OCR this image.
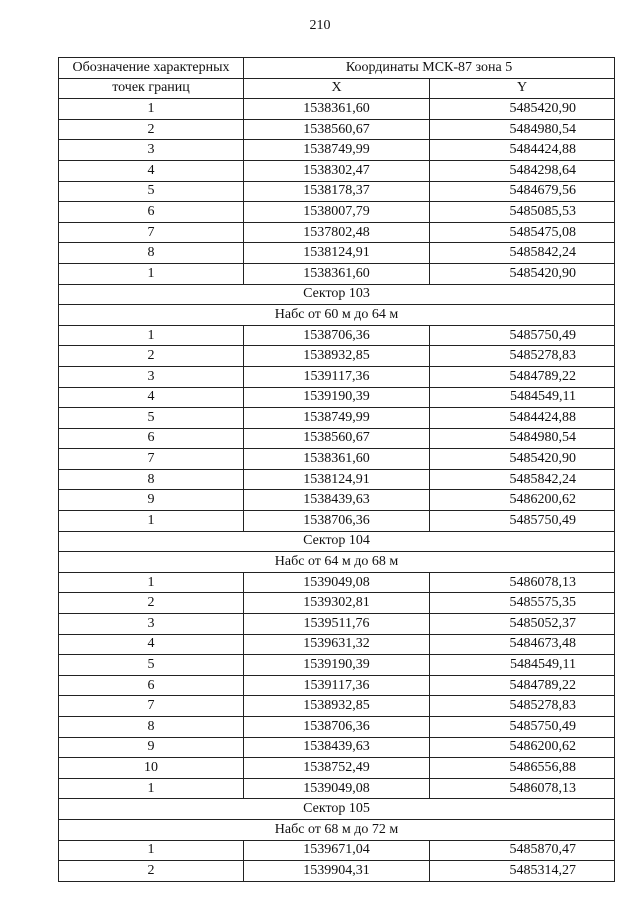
210
Обозначение характерных	Координаты МСК-87 зона 5	
точек границ	X	Y
1	1538361,60	5485420,90
2	1538560,67	5484980,54
3	1538749,99	5484424,88
4	1538302,47	5484298,64
5	1538178,37	5484679,56
6	1538007,79	5485085,53
7	1537802,48	5485475,08
8	1538124,91	5485842,24
1	1538361,60	5485420,90
Сектор 103		
Набс от 60 м до 64 м		
1	1538706,36	5485750,49
2	1538932,85	5485278,83
3	1539117,36	5484789,22
4	1539190,39	5484549,11
5	1538749,99	5484424,88
6	1538560,67	5484980,54
7	1538361,60	5485420,90
8	1538124,91	5485842,24
9	1538439,63	5486200,62
1	1538706,36	5485750,49
Сектор 104		
Набс от 64 м до 68 м		
1	1539049,08	5486078,13
2	1539302,81	5485575,35
3	1539511,76	5485052,37
4	1539631,32	5484673,48
5	1539190,39	5484549,11
6	1539117,36	5484789,22
7	1538932,85	5485278,83
8	1538706,36	5485750,49
9	1538439,63	5486200,62
10	1538752,49	5486556,88
1	1539049,08	5486078,13
Сектор 105		
Набс от 68 м до 72 м		
1	1539671,04	5485870,47
2	1539904,31	5485314,27
